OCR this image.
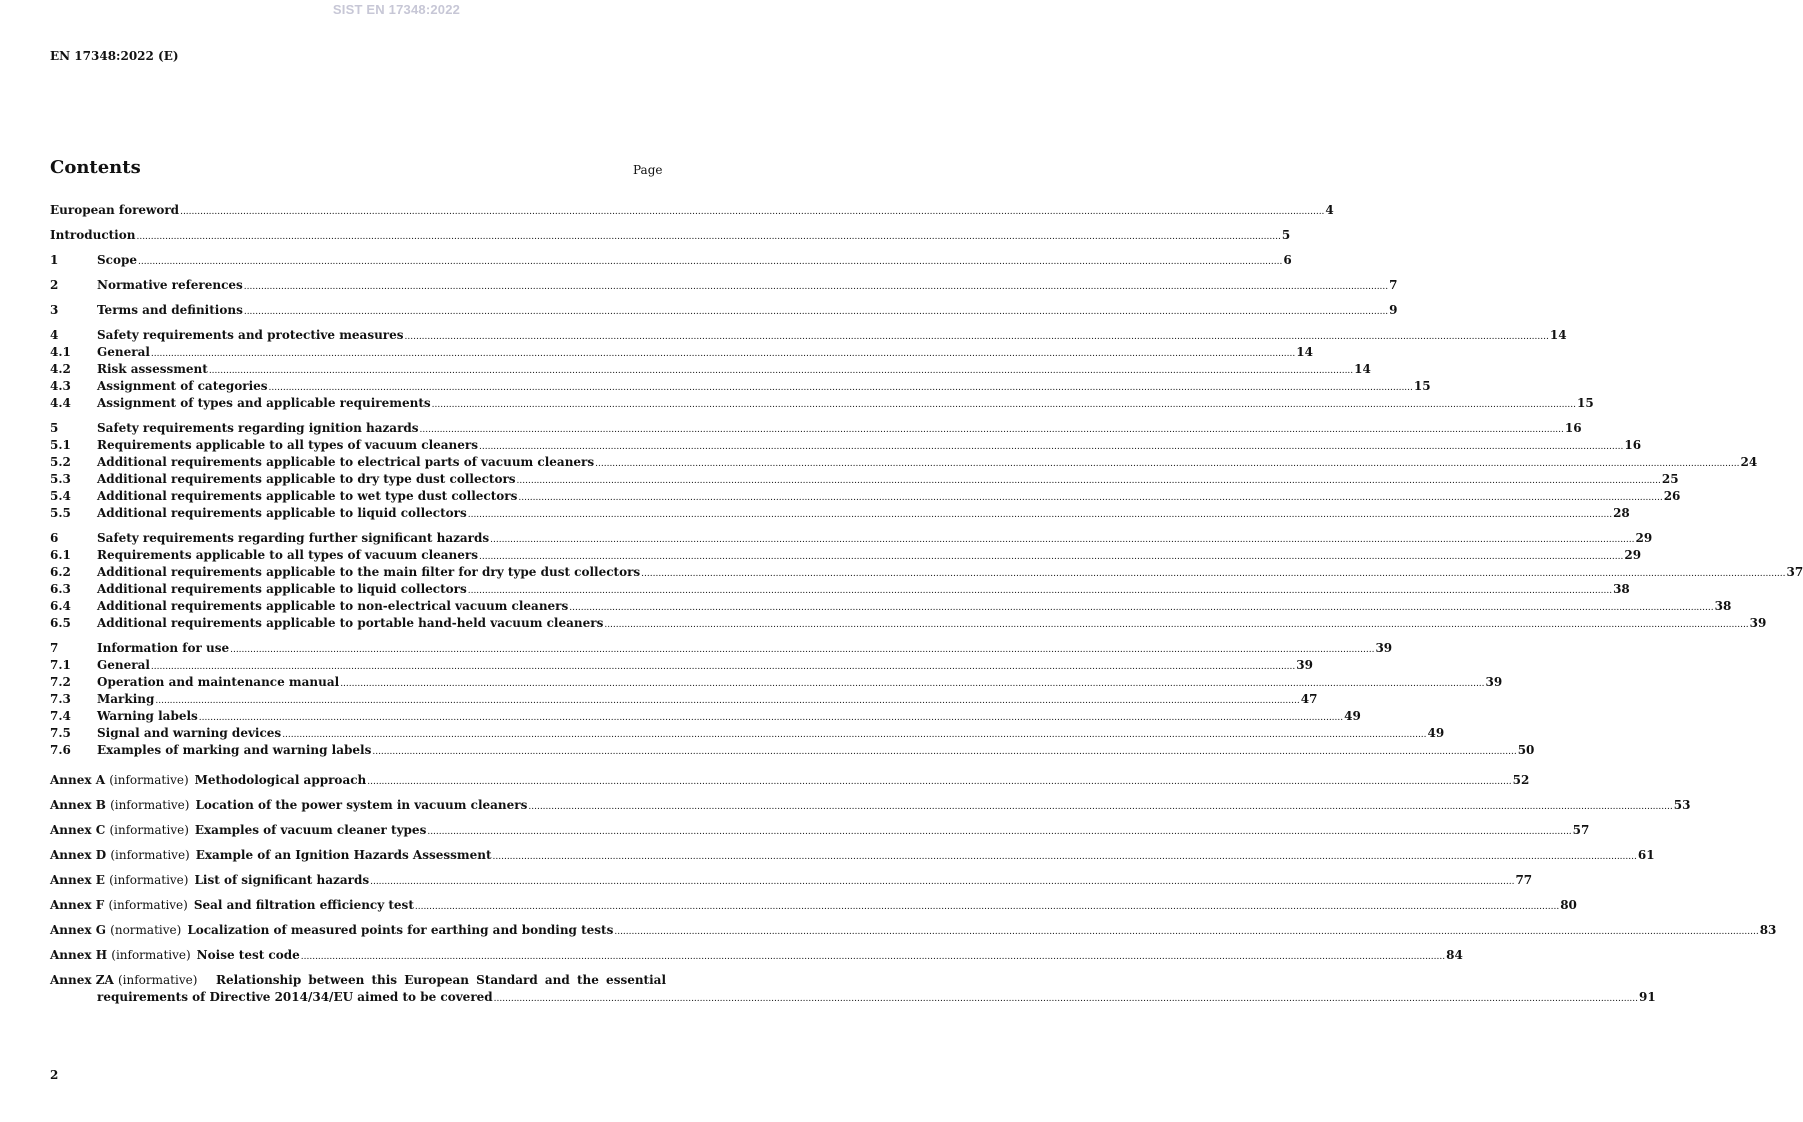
SIST EN 17348:2022
EN 17348:2022 (E)
Contents	Page
European foreword ................................................................................................................................................................................................................................................................................................................................................................................................................ 4
Introduction ................................................................................................................................................................................................................................................................................................................................................................................................................ 5
1	Scope ................................................................................................................................................................................................................................................................................................................................................................................................................ 6
2	Normative references ................................................................................................................................................................................................................................................................................................................................................................................................................ 7
3	Terms and definitions ................................................................................................................................................................................................................................................................................................................................................................................................................ 9
4	Safety requirements and protective measures ................................................................................................................................................................................................................................................................................................................................................................................................................ 14
4.1	General ................................................................................................................................................................................................................................................................................................................................................................................................................ 14
4.2	Risk assessment ................................................................................................................................................................................................................................................................................................................................................................................................................ 14
4.3	Assignment of categories ................................................................................................................................................................................................................................................................................................................................................................................................................ 15
4.4	Assignment of types and applicable requirements ................................................................................................................................................................................................................................................................................................................................................................................................................ 15
5	Safety requirements regarding ignition hazards ................................................................................................................................................................................................................................................................................................................................................................................................................ 16
5.1	Requirements applicable to all types of vacuum cleaners ................................................................................................................................................................................................................................................................................................................................................................................................................ 16
5.2	Additional requirements applicable to electrical parts of vacuum cleaners ................................................................................................................................................................................................................................................................................................................................................................................................................ 24
5.3	Additional requirements applicable to dry type dust collectors ................................................................................................................................................................................................................................................................................................................................................................................................................ 25
5.4	Additional requirements applicable to wet type dust collectors ................................................................................................................................................................................................................................................................................................................................................................................................................ 26
5.5	Additional requirements applicable to liquid collectors ................................................................................................................................................................................................................................................................................................................................................................................................................ 28
6	Safety requirements regarding further significant hazards ................................................................................................................................................................................................................................................................................................................................................................................................................ 29
6.1	Requirements applicable to all types of vacuum cleaners ................................................................................................................................................................................................................................................................................................................................................................................................................ 29
6.2	Additional requirements applicable to the main filter for dry type dust collectors ................................................................................................................................................................................................................................................................................................................................................................................................................ 37
6.3	Additional requirements applicable to liquid collectors ................................................................................................................................................................................................................................................................................................................................................................................................................ 38
6.4	Additional requirements applicable to non-electrical vacuum cleaners ................................................................................................................................................................................................................................................................................................................................................................................................................ 38
6.5	Additional requirements applicable to portable hand-held vacuum cleaners ................................................................................................................................................................................................................................................................................................................................................................................................................ 39
7	Information for use ................................................................................................................................................................................................................................................................................................................................................................................................................ 39
7.1	General ................................................................................................................................................................................................................................................................................................................................................................................................................ 39
7.2	Operation and maintenance manual ................................................................................................................................................................................................................................................................................................................................................................................................................ 39
7.3	Marking ................................................................................................................................................................................................................................................................................................................................................................................................................ 47
7.4	Warning labels ................................................................................................................................................................................................................................................................................................................................................................................................................ 49
7.5	Signal and warning devices ................................................................................................................................................................................................................................................................................................................................................................................................................ 49
7.6	Examples of marking and warning labels ................................................................................................................................................................................................................................................................................................................................................................................................................ 50
Annex A (informative) Methodological approach ................................................................................................................................................................................................................................................................................................................................................................................................................ 52
Annex B (informative) Location of the power system in vacuum cleaners ................................................................................................................................................................................................................................................................................................................................................................................................................ 53
Annex C (informative) Examples of vacuum cleaner types ................................................................................................................................................................................................................................................................................................................................................................................................................ 57
Annex D (informative) Example of an Ignition Hazards Assessment ................................................................................................................................................................................................................................................................................................................................................................................................................ 61
Annex E (informative) List of significant hazards ................................................................................................................................................................................................................................................................................................................................................................................................................ 77
Annex F (informative) Seal and filtration efficiency test ................................................................................................................................................................................................................................................................................................................................................................................................................ 80
Annex G (normative) Localization of measured points for earthing and bonding tests ................................................................................................................................................................................................................................................................................................................................................................................................................ 83
Annex H (informative) Noise test code ................................................................................................................................................................................................................................................................................................................................................................................................................ 84
Annex ZA (informative) Relationship between this European Standard and the essential
requirements of Directive 2014/34/EU aimed to be covered ................................................................................................................................................................................................................................................................................................................................................................................................................ 91
2
